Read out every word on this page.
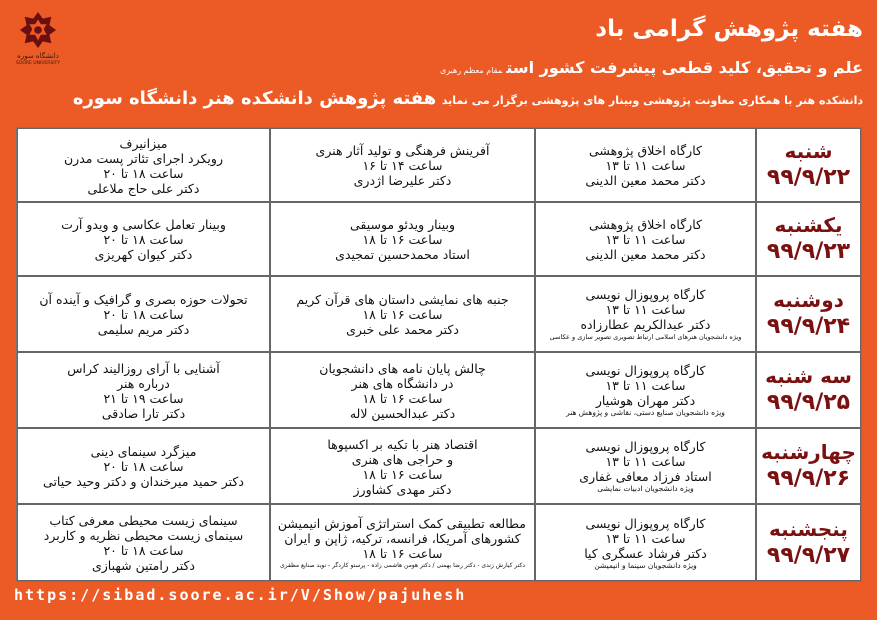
دانشگاه سوره
SOORE UNIVERSITY
هفته پژوهش گرامی باد
علم و تحقیق، کلید قطعی پیشرفت کشور استمقام معظم رهبری
دانشکده هنر با همکاری معاونت پژوهشی وبینار های پژوهشی برگزار می نماید هفته پژوهش دانشکده هنر دانشگاه سوره
میزانیرف
رویکرد اجرای تئاتر پست مدرن
ساعت ۱۸ تا ۲۰
دکتر علی حاج ملاعلی
آفرینش فرهنگی و تولید آثار هنری
ساعت ۱۴ تا ۱۶
دکتر علیرضا اژدری
کارگاه اخلاق پژوهشی
ساعت ۱۱ تا ۱۳
دکتر محمد معین الدینی
شنبه
۹۹/۹/۲۲
وبینار تعامل عکاسی و ویدو آرت
ساعت ۱۸ تا ۲۰
دکتر کیوان کهریزی
وبینار ویدئو موسیقی
ساعت ۱۶ تا ۱۸
استاد محمدحسین تمجیدی
کارگاه اخلاق پژوهشی
ساعت ۱۱ تا ۱۳
دکتر محمد معین الدینی
یکشنبه
۹۹/۹/۲۳
تحولات حوزه بصری و گرافیک و آینده آن
ساعت ۱۸ تا ۲۰
دکتر مریم سلیمی
جنبه های نمایشی داستان های قرآن کریم
ساعت ۱۶ تا ۱۸
دکتر محمد علی خبری
کارگاه پروپوزال نویسی
ساعت ۱۱ تا ۱۳
دکتر عبدالکریم عطارزاده
ویژه دانشجویان هنرهای اسلامی ارتباط تصویری تصویر سازی و عکاسی
دوشنبه
۹۹/۹/۲۴
آشنایی با آرای روزالیند کراس
درباره هنر
ساعت ۱۹ تا ۲۱
دکتر تارا صادقی
چالش پایان نامه های دانشجویان
در دانشگاه های هنر
ساعت ۱۶ تا ۱۸
دکتر عبدالحسین لاله
کارگاه پروپوزال نویسی
ساعت ۱۱ تا ۱۳
دکتر مهران هوشیار
ویژه دانشجویان صنایع دستی، نقاشی و پژوهش هنر
سه شنبه
۹۹/۹/۲۵
میزگرد سینمای دینی
ساعت ۱۸ تا ۲۰
دکتر حمید میرخندان و دکتر وحید حیاتی
اقتصاد هنر با تکیه بر اکسپوها
و حراجی های هنری
ساعت ۱۶ تا ۱۸
دکتر مهدی کشاورز
کارگاه پروپوزال نویسی
ساعت ۱۱ تا ۱۳
استاد فرزاد معافی غفاری
ویژه دانشجویان ادبیات نمایشی
چهارشنبه
۹۹/۹/۲۶
سینمای زیست محیطی معرفی کتاب
سینمای زیست محیطی نظریه و کاربرد
ساعت ۱۸ تا ۲۰
دکتر رامتین شهبازی
مطالعه تطبیقی کمک استراتژی آموزش انیمیشن
کشورهای آمریکا، فرانسه، ترکیه، ژاپن و ایران
ساعت ۱۶ تا ۱۸
دکتر کیارش زندی - دکتر رضا بهمنی / دکتر هومن هاشمی زاده - پرستو کاردگر - نوید صنایع مظفری
کارگاه پروپوزال نویسی
ساعت ۱۱ تا ۱۳
دکتر فرشاد عسگری کیا
ویژه دانشجویان سینما و انیمیشن
پنجشنبه
۹۹/۹/۲۷
https://sibad.soore.ac.ir/V/Show/pajuhesh
